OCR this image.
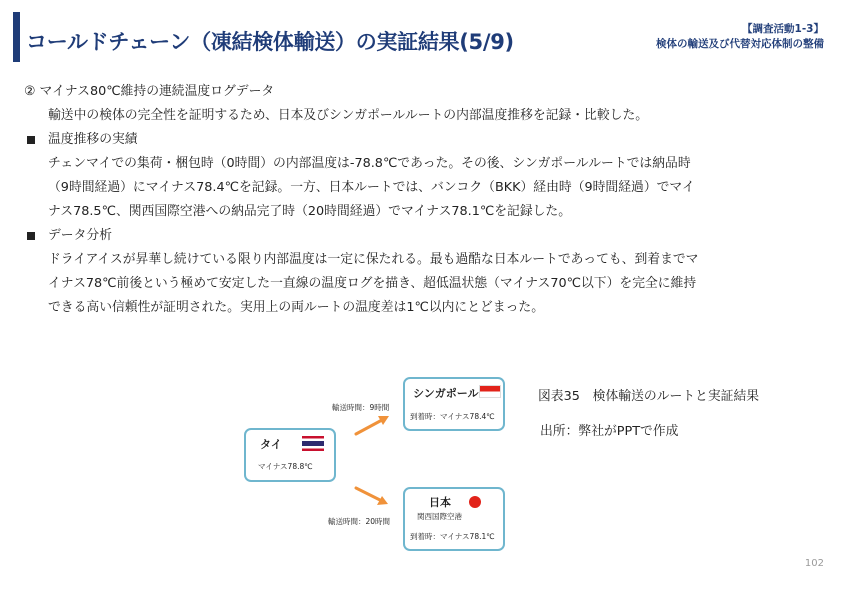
コールドチェーン（凍結検体輸送）の実証結果(5/9)
【調査活動1-3】
検体の輸送及び代替対応体制の整備

② マイナス80℃維持の連続温度ログデータ

輸送中の検体の完全性を証明するため、日本及びシンガポールルートの内部温度推移を記録・比較した。

温度推移の実績

チェンマイでの集荷・梱包時（0時間）の内部温度は-78.8℃であった。その後、シンガポールルートでは納品時

（9時間経過）にマイナス78.4℃を記録。一方、日本ルートでは、バンコク（BKK）経由時（9時間経過）でマイ

ナス78.5℃、関西国際空港への納品完了時（20時間経過）でマイナス78.1℃を記録した。

データ分析

ドライアイスが昇華し続けている限り内部温度は一定に保たれる。最も過酷な日本ルートであっても、到着までマ

イナス78℃前後という極めて安定した一直線の温度ログを描き、超低温状態（マイナス70℃以下）を完全に維持

できる高い信頼性が証明された。実用上の両ルートの温度差は1℃以内にとどまった。

タイ
マイナス78.8℃
シンガポール
到着時：マイナス78.4℃
日本
関西国際空港
到着時：マイナス78.1℃
輸送時間：9時間
輸送時間：20時間
図表35　検体輸送のルートと実証結果
出所：弊社がPPTで作成
102
